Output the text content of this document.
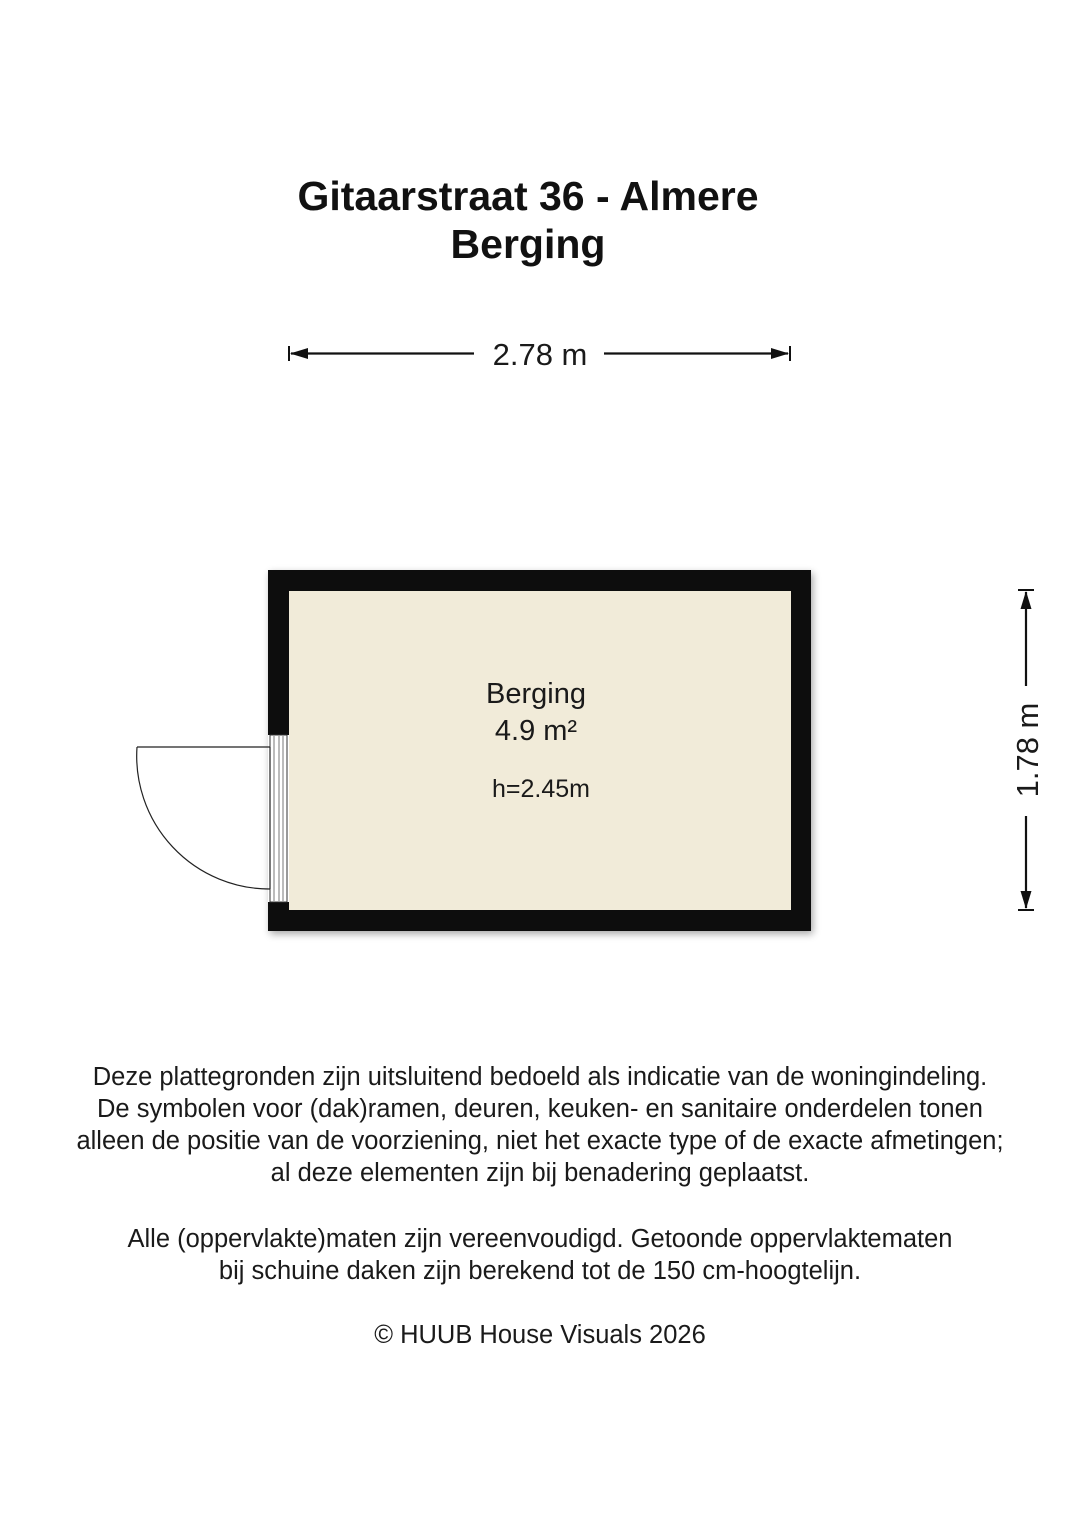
Gitaarstraat 36 - Almere
Berging
2.78 m
1.78 m
Berging
4.9 m²
h=2.45m
Deze plattegronden zijn uitsluitend bedoeld als indicatie van de woningindeling.
De symbolen voor (dak)ramen, deuren, keuken- en sanitaire onderdelen tonen
alleen de positie van de voorziening, niet het exacte type of de exacte afmetingen;
al deze elementen zijn bij benadering geplaatst.
Alle (oppervlakte)maten zijn vereenvoudigd. Getoonde oppervlaktematen
bij schuine daken zijn berekend tot de 150 cm-hoogtelijn.
© HUUB House Visuals 2026
